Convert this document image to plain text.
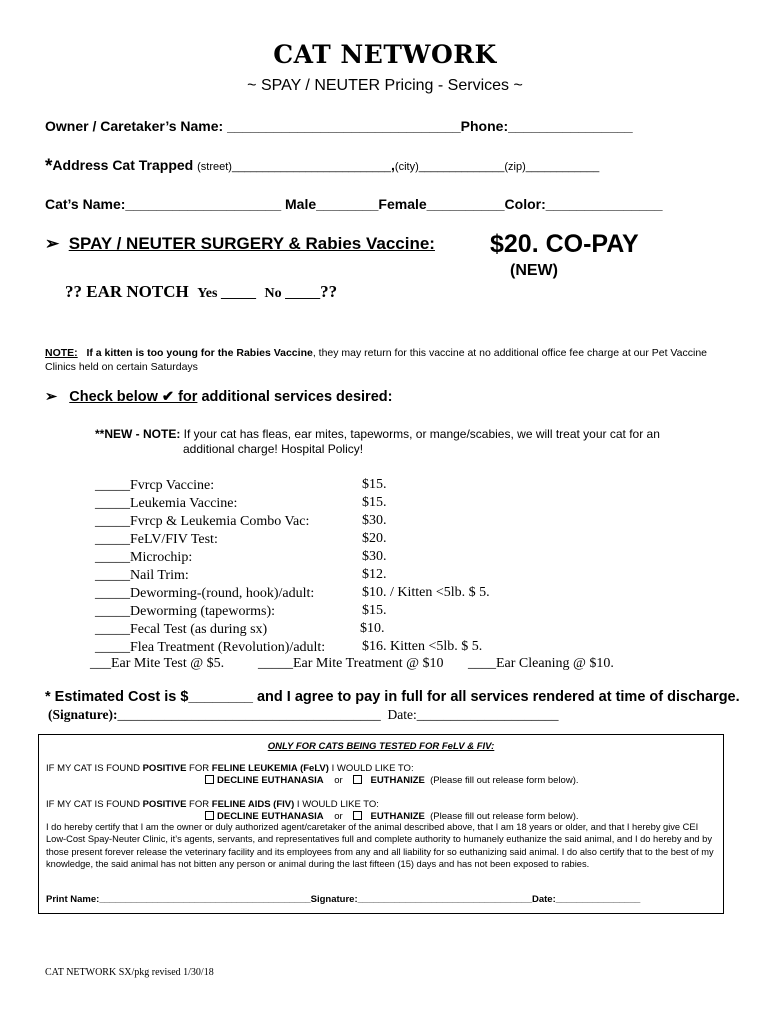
CAT NETWORK
~ SPAY / NEUTER Pricing - Services ~
Owner / Caretaker’s Name: ______________________________Phone:________________
*Address Cat Trapped (street)__________________________,(city)______________(zip)____________
Cat’s Name:____________________ Male________Female__________Color:_______________
➢ SPAY / NEUTER SURGERY & Rabies Vaccine: $20. CO-PAY
(NEW)
?? EAR NOTCH Yes _____ No _____??
NOTE: If a kitten is too young for the Rabies Vaccine, they may return for this vaccine at no additional office fee charge at our Pet Vaccine Clinics held on certain Saturdays
➢ Check below ✔ for additional services desired:
**NEW - NOTE: If your cat has fleas, ear mites, tapeworms, or mange/scabies, we will treat your cat for an
additional charge! Hospital Policy!
_____Fvrcp Vaccine:
_____Leukemia Vaccine:
_____Fvrcp & Leukemia Combo Vac:
_____FeLV/FIV Test:
_____Microchip:
_____Nail Trim:
_____Deworming-(round, hook)/adult:
_____Deworming (tapeworms):
_____Fecal Test (as during sx)
_____Flea Treatment (Revolution)/adult:
$15.
$15.
$30.
$20.
$30.
$12.
$10. / Kitten <5lb. $ 5.
$15.
$10.
$16. Kitten <5lb. $ 5.
___Ear Mite Test @ $5. _____Ear Mite Treatment @ $10 ____Ear Cleaning @ $10.
* Estimated Cost is $________ and I agree to pay in full for all services rendered at time of discharge.
(Signature):_______________________________________ Date:_____________________
ONLY FOR CATS BEING TESTED FOR FeLV & FIV:
IF MY CAT IS FOUND POSITIVE FOR FELINE LEUKEMIA (FeLV) I WOULD LIKE TO:
DECLINE EUTHANASIA or	EUTHANIZE (Please fill out release form below).
IF MY CAT IS FOUND POSITIVE FOR FELINE AIDS (FIV) I WOULD LIKE TO:
DECLINE EUTHANASIA or	EUTHANIZE (Please fill out release form below).
I do hereby certify that I am the owner or duly authorized agent/caretaker of the animal described above, that I am 18 years or older, and that I hereby give CEI Low-Cost Spay-Neuter Clinic, it’s agents, servants, and representatives full and complete authority to humanely euthanize the said animal, and I do hereby and by those present forever release the veterinary facility and its employees from any and all liability for so euthanizing said animal. I do also certify that to the best of my knowledge, the said animal has not bitten any person or animal during the last fifteen (15) days and has not been exposed to rabies.
Print Name:________________________________________Signature:_________________________________Date:________________
CAT NETWORK SX/pkg revised 1/30/18
